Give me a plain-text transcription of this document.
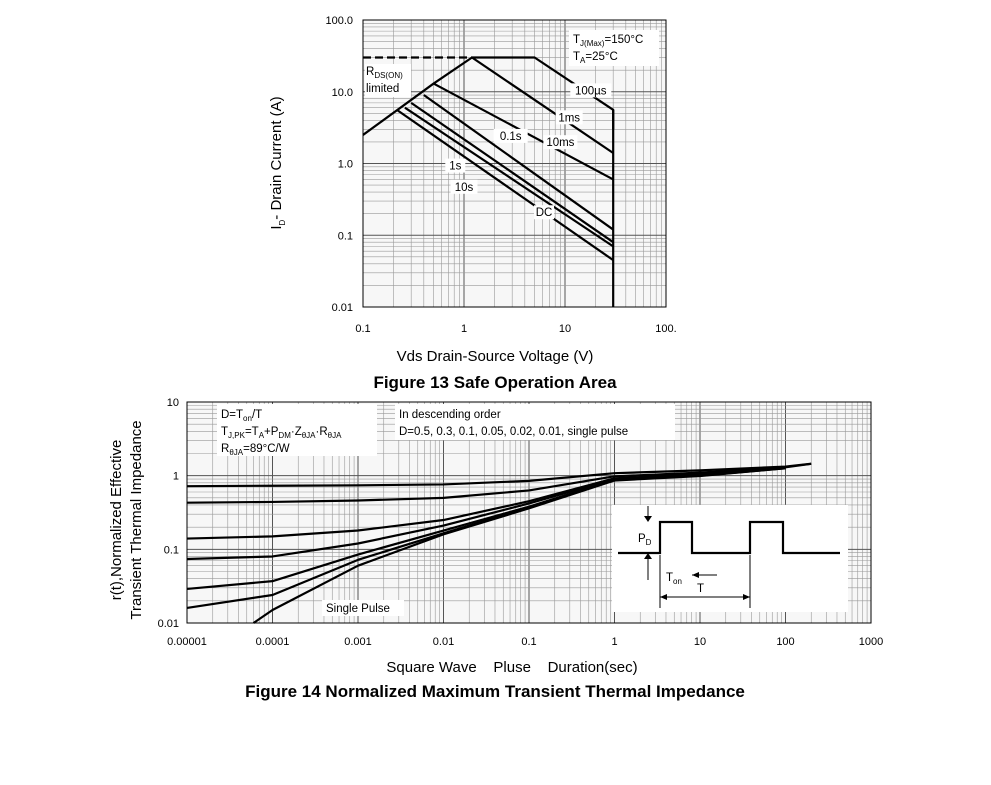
0.1	1	10	100.
100.0
10.0
1.0
0.1
0.01
100µs
1ms
10ms
0.1s
1s
10s
DC
$T_{J(Max)}=150^\circ C$
$T_A=25^\circ C$
$R_{DS(ON)}$
limited
Vds Drain-Source Voltage (V)
$I_D-$ Drain Current (A)
Figure 13 Safe Operation Area
0.00001	0.0001	0.001	0.01	0.1	1	10	100	1000
10
1
0.1
0.01
$D=T_{on}/T$
$T_{J,PK}=T_A+P_{DM}\cdot Z_{\theta JA}\cdot R_{\theta JA}$
$R_{\theta JA}=89^\circ C/W$
In descending order
D=0.5, 0.3, 0.1, 0.05, 0.02, 0.01, single pulse
Single Pulse
$P_D$
$T_{on}$
T
Square Wave    Pluse    Duration(sec)
r(t),Normalized Effective Transient Thermal Impedance
Figure 14 Normalized Maximum Transient Thermal Impedance
